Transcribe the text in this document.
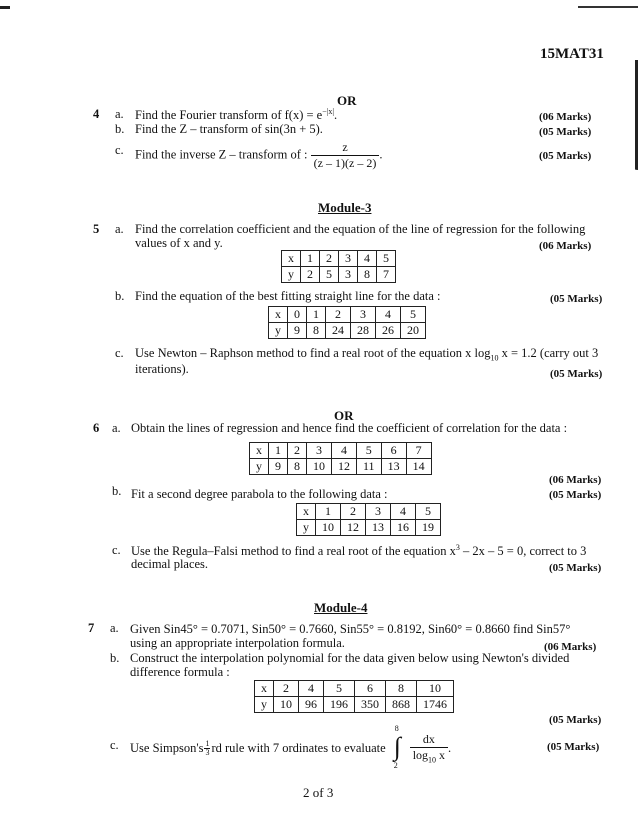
15MAT31
OR
4 a. Find the Fourier transform of $f(x) = e^{-|x|}$.	(06 Marks)
b. Find the Z – transform of sin(3n + 5).	(05 Marks)
c. Find the inverse Z – transform of : $\frac{z}{(z - 1)(z - 2)}$ .	(05 Marks)
Module-3
5 a. Find the correlation coefficient and the equation of the line of regression for the following
values of x and y.	(06 Marks)
x	1	2	3	4	5
y	2	5	3	8	7
b. Find the equation of the best fitting straight line for the data :	(05 Marks)
x	0	1	2	3	4	5
y	9	8	24	28	26	20
c. Use Newton – Raphson method to find a real root of the equation x $\log_{10} x = 1.2$ (carry out 3
iterations).	(05 Marks)
OR
6 a. Obtain the lines of regression and hence find the coefficient of correlation for the data :
x	1	2	3	4	5	6	7
y	9	8	10	12	11	13	14
(06 Marks)
b. Fit a second degree parabola to the following data :	(05 Marks)
x	1	2	3	4	5
y	10	12	13	16	19
c. Use the Regula–Falsi method to find a real root of the equation $x^3 - 2x - 5 = 0$, correct to 3
decimal places.	(05 Marks)
Module-4
7 a. Given Sin45° = 0.7071, Sin50° = 0.7660, Sin55° = 0.8192, Sin60° = 0.8660 find Sin57°
using an appropriate interpolation formula.	(06 Marks)
b. Construct the interpolation polynomial for the data given below using Newton's divided
difference formula :
x	2	4	5	6	8	10
y	10	96	196	350	868	1746
(05 Marks)
c. Use Simpson's $\frac{1}{3}$ rd rule with 7 ordinates to evaluate
8
∫
2
$\frac{dx}{\log_{10} x}$ .	(05 Marks)
2 of 3
